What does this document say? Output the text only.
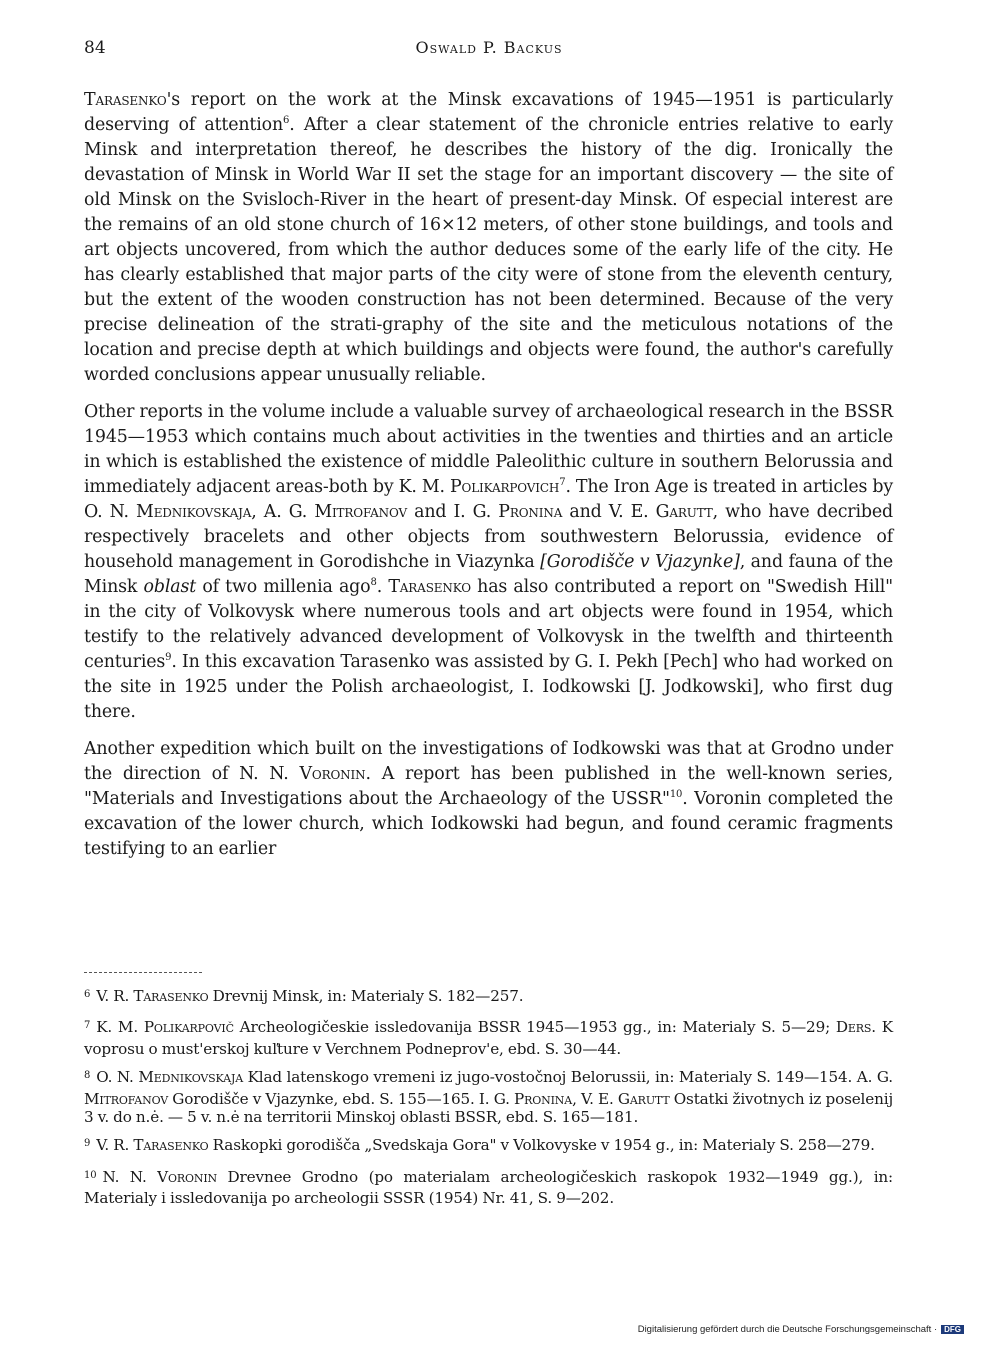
84	Oswald P. Backus

Tarasenko's report on the work at the Minsk excavations of 1945—1951 is particularly deserving of attention$^6$. After a clear statement of the chronicle entries relative to early Minsk and interpretation thereof, he describes the history of the dig. Ironically the devastation of Minsk in World War II set the stage for an important discovery — the site of old Minsk on the Svisloch-River in the heart of present-day Minsk. Of especial interest are the remains of an old stone church of 16×12 meters, of other stone buildings, and tools and art objects uncovered, from which the author deduces some of the early life of the city. He has clearly established that major parts of the city were of stone from the eleventh century, but the extent of the wooden construction has not been determined. Because of the very precise delineation of the strati-graphy of the site and the meticulous notations of the location and precise depth at which buildings and objects were found, the author's carefully worded conclusions appear unusually reliable.

Other reports in the volume include a valuable survey of archaeological research in the BSSR 1945—1953 which contains much about activities in the twenties and thirties and an article in which is established the existence of middle Paleolithic culture in southern Belorussia and immediately adjacent areas-both by K. M. Polikarpovich$^7$. The Iron Age is treated in articles by O. N. Mednikovskaja, A. G. Mitrofanov and I. G. Pronina and V. E. Garutt, who have decribed respectively bracelets and other objects from southwestern Belorussia, evidence of household management in Gorodishche in Viazynka [Gorodišče v Vjazynke], and fauna of the Minsk oblast of two millenia ago$^8$. Tarasenko has also contributed a report on "Swedish Hill" in the city of Volkovysk where numerous tools and art objects were found in 1954, which testify to the relatively advanced development of Volkovysk in the twelfth and thirteenth centuries$^9$. In this excavation Tarasenko was assisted by G. I. Pekh [Pech] who had worked on the site in 1925 under the Polish archaeologist, I. Iodkowski [J. Jodkowski], who first dug there.

Another expedition which built on the investigations of Iodkowski was that at Grodno under the direction of N. N. Voronin. A report has been published in the well-known series, "Materials and Investigations about the Archaeology of the USSR"$^{10}$. Voronin completed the excavation of the lower church, which Iodkowski had begun, and found ceramic fragments testifying to an earlier

6 V. R. Tarasenko Drevnij Minsk, in: Materialy S. 182—257.

7 K. M. Polikarpovič Archeologičeskie issledovanija BSSR 1945—1953 gg., in: Materialy S. 5—29; Ders. K voprosu o must'erskoj kuľture v Verchnem Podneprov'e, ebd. S. 30—44.

8 O. N. Mednikovskaja Klad latenskogo vremeni iz jugo-vostočnoj Belorussii, in: Materialy S. 149—154. A. G. Mitrofanov Gorodišče v Vjazynke, ebd. S. 155—165. I. G. Pronina, V. E. Garutt Ostatki životnych iz poselenij 3 v. do n.ė. — 5 v. n.ė na territorii Minskoj oblasti BSSR, ebd. S. 165—181.

9 V. R. Tarasenko Raskopki gorodišča „Svedskaja Gora" v Volkovyske v 1954 g., in: Materialy S. 258—279.

10 N. N. Voronin Drevnee Grodno (po materialam archeologičeskich raskopok 1932—1949 gg.), in: Materialy i issledovanija po archeologii SSSR (1954) Nr. 41, S. 9—202.

Digitalisierung gefördert durch die Deutsche Forschungsgemeinschaft · DFG
